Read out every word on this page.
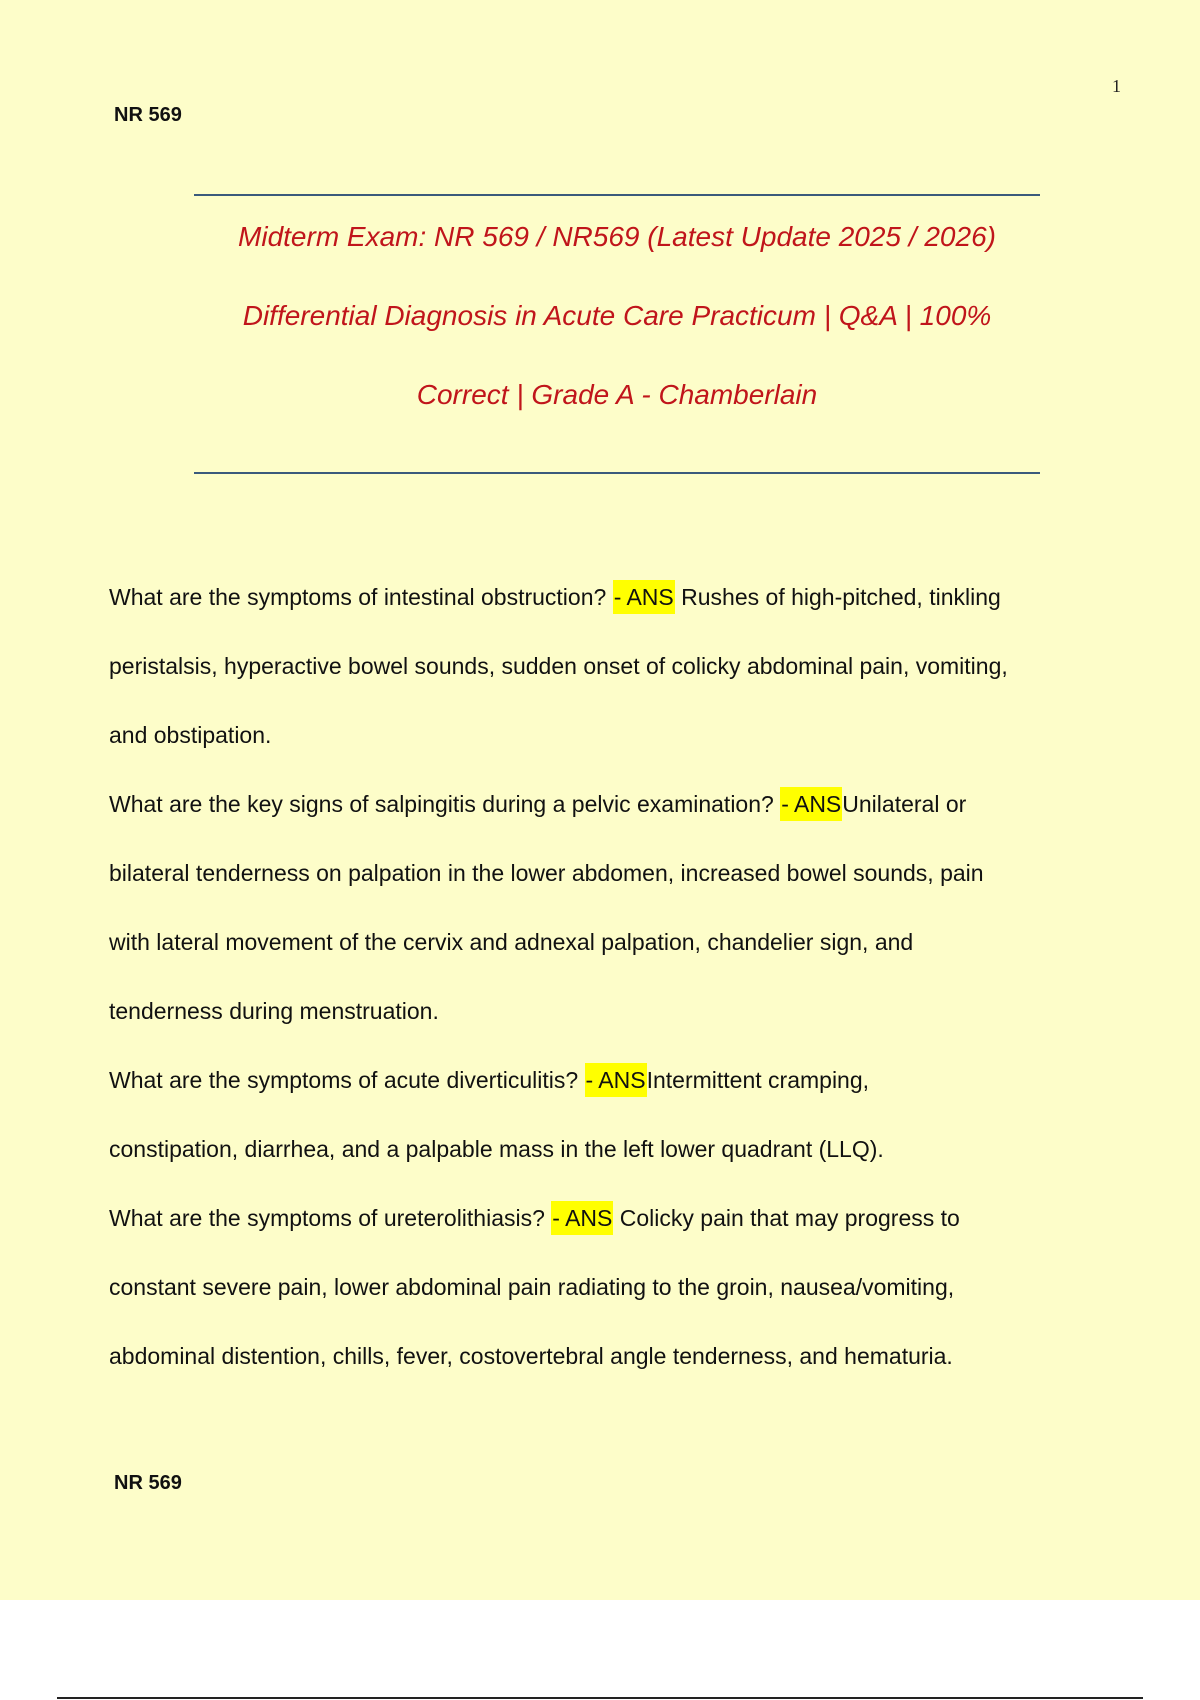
1
NR 569
Midterm Exam: NR 569 / NR569 (Latest Update 2025 / 2026)
Differential Diagnosis in Acute Care Practicum | Q&A | 100%
Correct | Grade A - Chamberlain
What are the symptoms of intestinal obstruction? - ANS Rushes of high-pitched, tinkling
peristalsis, hyperactive bowel sounds, sudden onset of colicky abdominal pain, vomiting,
and obstipation.
What are the key signs of salpingitis during a pelvic examination? - ANSUnilateral or
bilateral tenderness on palpation in the lower abdomen, increased bowel sounds, pain
with lateral movement of the cervix and adnexal palpation, chandelier sign, and
tenderness during menstruation.
What are the symptoms of acute diverticulitis? - ANSIntermittent cramping,
constipation, diarrhea, and a palpable mass in the left lower quadrant (LLQ).
What are the symptoms of ureterolithiasis? - ANS Colicky pain that may progress to
constant severe pain, lower abdominal pain radiating to the groin, nausea/vomiting,
abdominal distention, chills, fever, costovertebral angle tenderness, and hematuria.
NR 569
